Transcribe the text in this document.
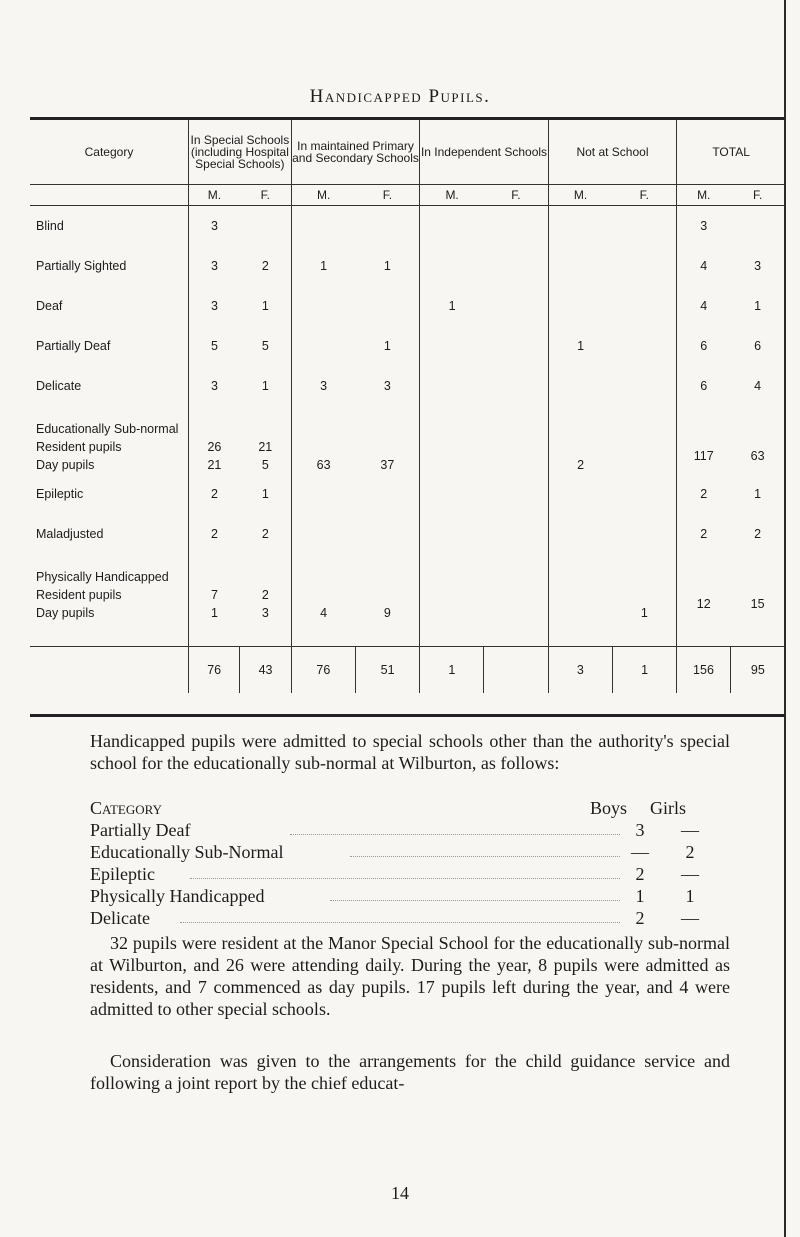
Handicapped Pupils.
Category	In Special Schools (including Hospital Special Schools)		In maintained Primary and Secondary Schools		In Independent Schools		Not at School		TOTAL	
	M.	F.	M.	F.	M.	F.	M.	F.	M.	F.
Blind	3								3	
Partially Sighted	3	2	1	1					4	3
Deaf	3	1			1				4	1
Partially Deaf	5	5		1			1		6	6
Delicate	3	1	3	3					6	4
Educationally Sub-normal										
Resident pupils	26	21							117	63
Day pupils	21	5	63	37			2			
Epileptic	2	1							2	1
Maladjusted	2	2							2	2
Physically Handicapped										
Resident pupils	7	2							12	15
Day pupils	1	3	4	9				1		

	76	43	76	51	1		3	1	156	95
Handicapped pupils were admitted to special schools other than the authority's special school for the educationally sub-normal at Wilburton, as follows:
Category	Boys Girls
Partially Deaf	3	—
Educationally Sub-Normal	—	2
Epileptic	2	—
Physically Handicapped	1	1
Delicate	2	—
32 pupils were resident at the Manor Special School for the educationally sub-normal at Wilburton, and 26 were attending daily. During the year, 8 pupils were admitted as residents, and 7 commenced as day pupils. 17 pupils left during the year, and 4 were admitted to other special schools.
Consideration was given to the arrangements for the child guidance service and following a joint report by the chief educat-
14
